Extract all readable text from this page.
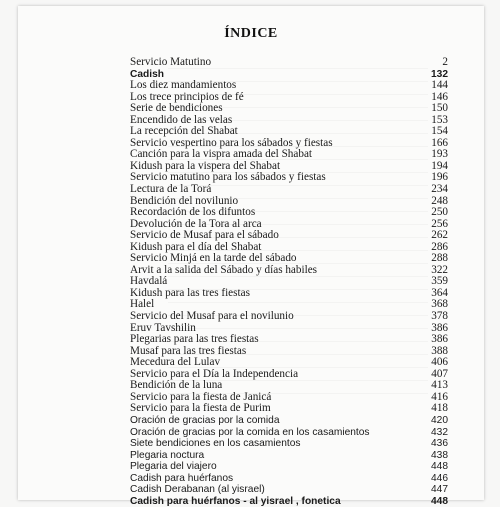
ÍNDICE
Servicio Matutino	2
Cadish	132
Los diez mandamientos	144
Los trece principios de fé	146
Serie de bendiciones	150
Encendido de las velas	153
La recepción del Shabat	154
Servicio vespertino para los sábados y fiestas	166
Canción para la vispra amada del Shabat	193
Kidush para la vispera del Shabat	194
Servicio matutino para los sábados y fiestas	196
Lectura de la Torá	234
Bendición del novilunio	248
Recordación de los difuntos	250
Devolución de la Tora al arca	256
Servicio de Musaf para el sábado	262
Kidush para el día del Shabat	286
Servicio Minjá en la tarde del sábado	288
Arvit a la salida del Sábado y días habiles	322
Havdalá	359
Kidush para las tres fiestas	364
Halel	368
Servicio del Musaf para el novilunio	378
Eruv Tavshilin	386
Plegarias para las tres fiestas	386
Musaf para las tres fiestas	388
Mecedura del Lulav	406
Servicio para el Día la Independencia	407
Bendición de la luna	413
Servicio para la fiesta de Janicá	416
Servicio para la fiesta de Purim	418
Oración de gracias por la comida	420
Oración de gracias por la comida en los casamientos	432
Siete bendiciones en los casamientos	436
Plegaria noctura	438
Plegaria del viajero	448
Cadish para huérfanos	446
Cadish Derabanan (al yisrael)	447
Cadish para huérfanos - al yisrael , fonetica	448
